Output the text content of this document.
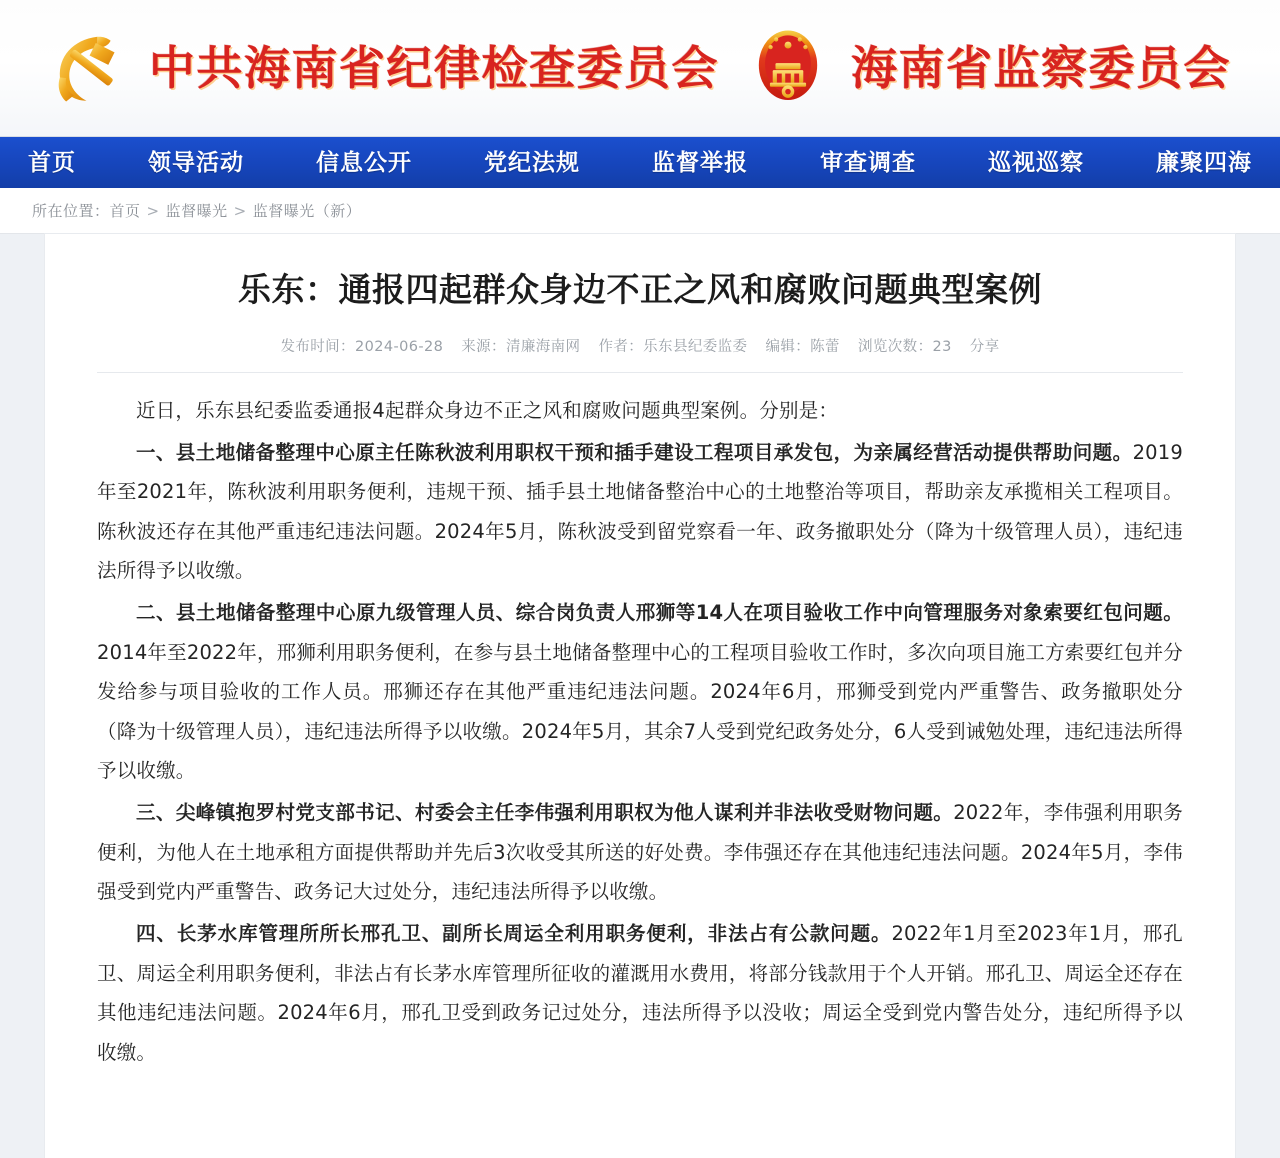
中共海南省纪律检查委员会	海南省监察委员会
首页	领导活动	信息公开	党纪法规	监督举报	审查调查	巡视巡察	廉聚四海
所在位置：首页 > 监督曝光 > 监督曝光（新）
乐东：通报四起群众身边不正之风和腐败问题典型案例
发布时间：2024-06-28 来源：清廉海南网 作者：乐东县纪委监委 编辑：陈蕾 浏览次数：23 分享

近日，乐东县纪委监委通报4起群众身边不正之风和腐败问题典型案例。分别是：

一、县土地储备整理中心原主任陈秋波利用职权干预和插手建设工程项目承发包，为亲属经营活动提供帮助问题。2019年至2021年，陈秋波利用职务便利，违规干预、插手县土地储备整治中心的土地整治等项目，帮助亲友承揽相关工程项目。陈秋波还存在其他严重违纪违法问题。2024年5月，陈秋波受到留党察看一年、政务撤职处分（降为十级管理人员），违纪违法所得予以收缴。

二、县土地储备整理中心原九级管理人员、综合岗负责人邢狮等14人在项目验收工作中向管理服务对象索要红包问题。2014年至2022年，邢狮利用职务便利，在参与县土地储备整理中心的工程项目验收工作时，多次向项目施工方索要红包并分发给参与项目验收的工作人员。邢狮还存在其他严重违纪违法问题。2024年6月，邢狮受到党内严重警告、政务撤职处分（降为十级管理人员），违纪违法所得予以收缴。2024年5月，其余7人受到党纪政务处分，6人受到诫勉处理，违纪违法所得予以收缴。

三、尖峰镇抱罗村党支部书记、村委会主任李伟强利用职权为他人谋利并非法收受财物问题。2022年，李伟强利用职务便利，为他人在土地承租方面提供帮助并先后3次收受其所送的好处费。李伟强还存在其他违纪违法问题。2024年5月，李伟强受到党内严重警告、政务记大过处分，违纪违法所得予以收缴。

四、长茅水库管理所所长邢孔卫、副所长周运全利用职务便利，非法占有公款问题。2022年1月至2023年1月，邢孔卫、周运全利用职务便利，非法占有长茅水库管理所征收的灌溉用水费用，将部分钱款用于个人开销。邢孔卫、周运全还存在其他违纪违法问题。2024年6月，邢孔卫受到政务记过处分，违法所得予以没收；周运全受到党内警告处分，违纪所得予以收缴。
